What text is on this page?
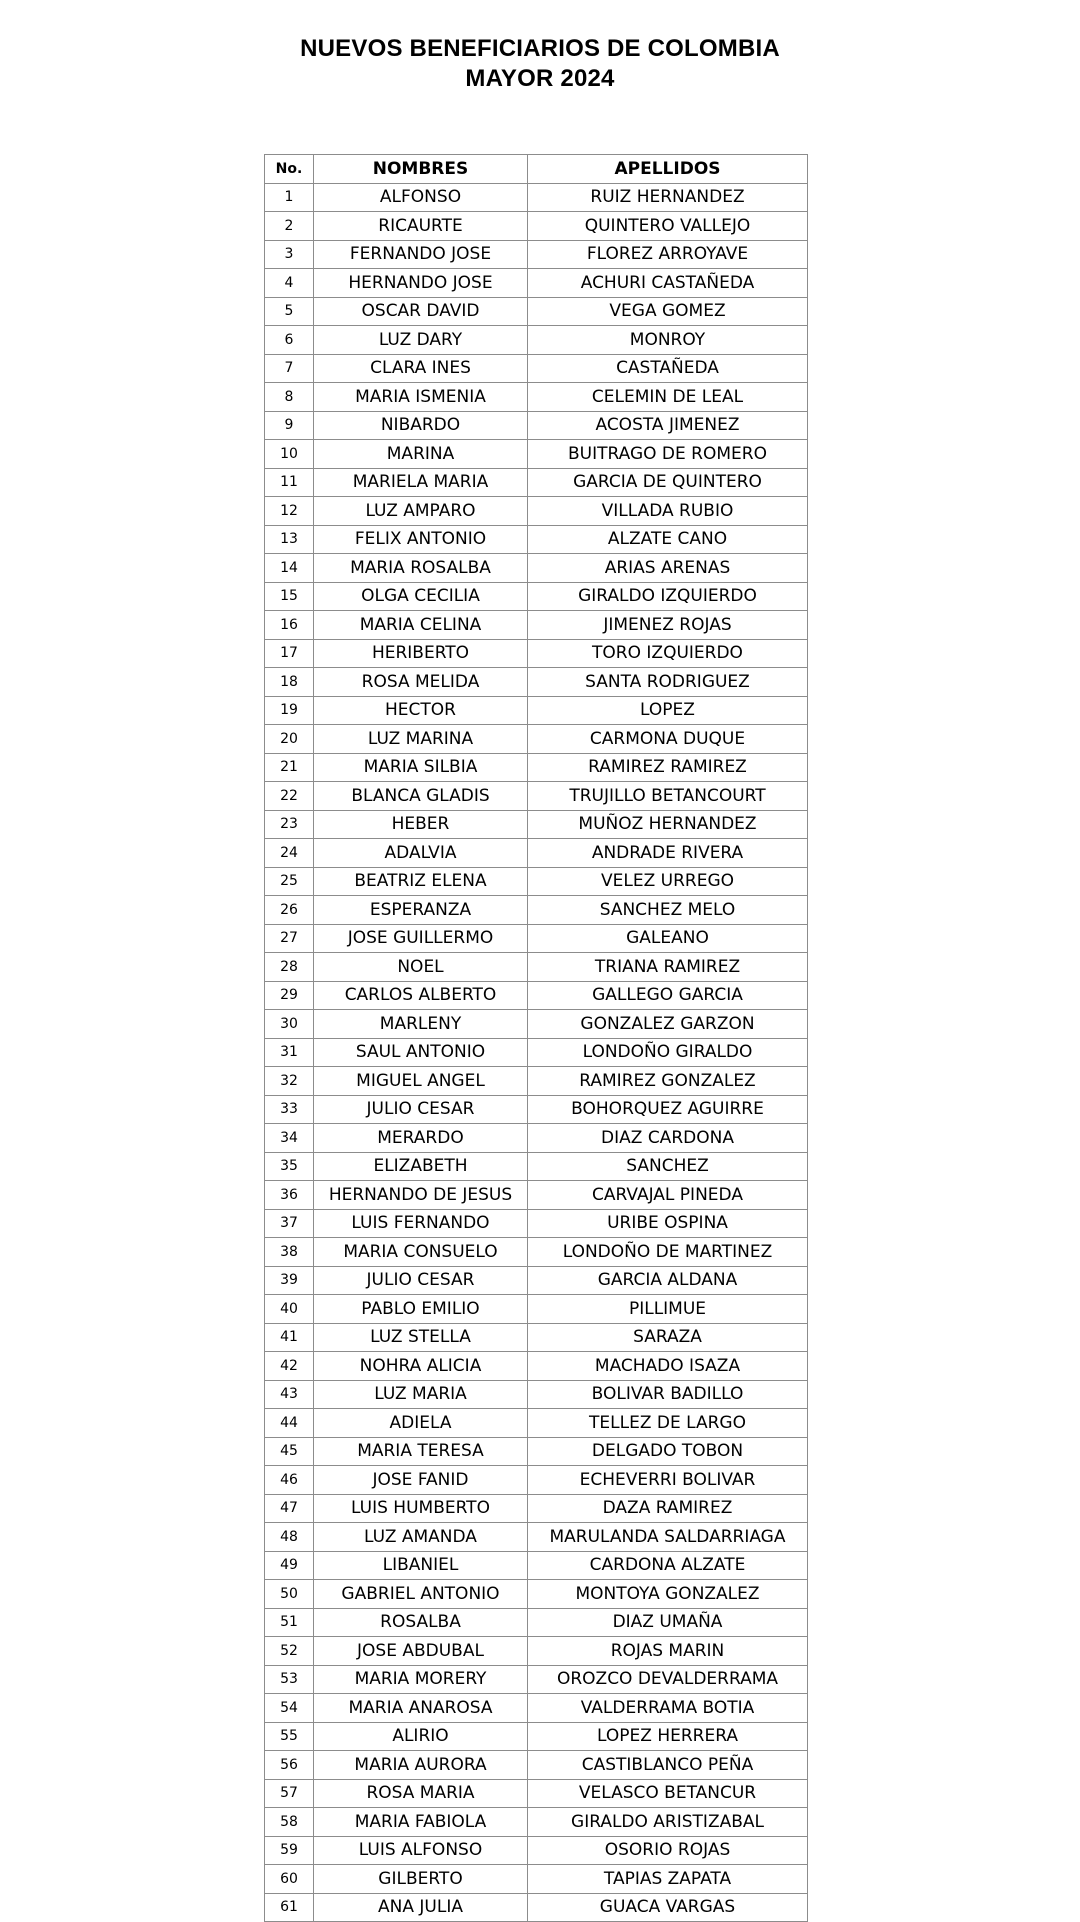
NUEVOS BENEFICIARIOS DE COLOMBIA
MAYOR 2024
No.	NOMBRES	APELLIDOS
1	ALFONSO	RUIZ HERNANDEZ
2	RICAURTE	QUINTERO VALLEJO
3	FERNANDO JOSE	FLOREZ ARROYAVE
4	HERNANDO JOSE	ACHURI CASTAÑEDA
5	OSCAR DAVID	VEGA GOMEZ
6	LUZ DARY	MONROY
7	CLARA INES	CASTAÑEDA
8	MARIA ISMENIA	CELEMIN DE LEAL
9	NIBARDO	ACOSTA JIMENEZ
10	MARINA	BUITRAGO DE ROMERO
11	MARIELA MARIA	GARCIA DE QUINTERO
12	LUZ AMPARO	VILLADA RUBIO
13	FELIX ANTONIO	ALZATE CANO
14	MARIA ROSALBA	ARIAS ARENAS
15	OLGA CECILIA	GIRALDO IZQUIERDO
16	MARIA CELINA	JIMENEZ ROJAS
17	HERIBERTO	TORO IZQUIERDO
18	ROSA MELIDA	SANTA RODRIGUEZ
19	HECTOR	LOPEZ
20	LUZ MARINA	CARMONA DUQUE
21	MARIA SILBIA	RAMIREZ RAMIREZ
22	BLANCA GLADIS	TRUJILLO BETANCOURT
23	HEBER	MUÑOZ HERNANDEZ
24	ADALVIA	ANDRADE RIVERA
25	BEATRIZ ELENA	VELEZ URREGO
26	ESPERANZA	SANCHEZ MELO
27	JOSE GUILLERMO	GALEANO
28	NOEL	TRIANA RAMIREZ
29	CARLOS ALBERTO	GALLEGO GARCIA
30	MARLENY	GONZALEZ GARZON
31	SAUL ANTONIO	LONDOÑO GIRALDO
32	MIGUEL ANGEL	RAMIREZ GONZALEZ
33	JULIO CESAR	BOHORQUEZ AGUIRRE
34	MERARDO	DIAZ CARDONA
35	ELIZABETH	SANCHEZ
36	HERNANDO DE JESUS	CARVAJAL PINEDA
37	LUIS FERNANDO	URIBE OSPINA
38	MARIA CONSUELO	LONDOÑO DE MARTINEZ
39	JULIO CESAR	GARCIA ALDANA
40	PABLO EMILIO	PILLIMUE
41	LUZ STELLA	SARAZA
42	NOHRA ALICIA	MACHADO ISAZA
43	LUZ MARIA	BOLIVAR BADILLO
44	ADIELA	TELLEZ DE LARGO
45	MARIA TERESA	DELGADO TOBON
46	JOSE FANID	ECHEVERRI BOLIVAR
47	LUIS HUMBERTO	DAZA RAMIREZ
48	LUZ AMANDA	MARULANDA SALDARRIAGA
49	LIBANIEL	CARDONA ALZATE
50	GABRIEL ANTONIO	MONTOYA GONZALEZ
51	ROSALBA	DIAZ UMAÑA
52	JOSE ABDUBAL	ROJAS MARIN
53	MARIA MORERY	OROZCO DEVALDERRAMA
54	MARIA ANAROSA	VALDERRAMA BOTIA
55	ALIRIO	LOPEZ HERRERA
56	MARIA AURORA	CASTIBLANCO PEÑA
57	ROSA MARIA	VELASCO BETANCUR
58	MARIA FABIOLA	GIRALDO ARISTIZABAL
59	LUIS ALFONSO	OSORIO ROJAS
60	GILBERTO	TAPIAS ZAPATA
61	ANA JULIA	GUACA VARGAS
